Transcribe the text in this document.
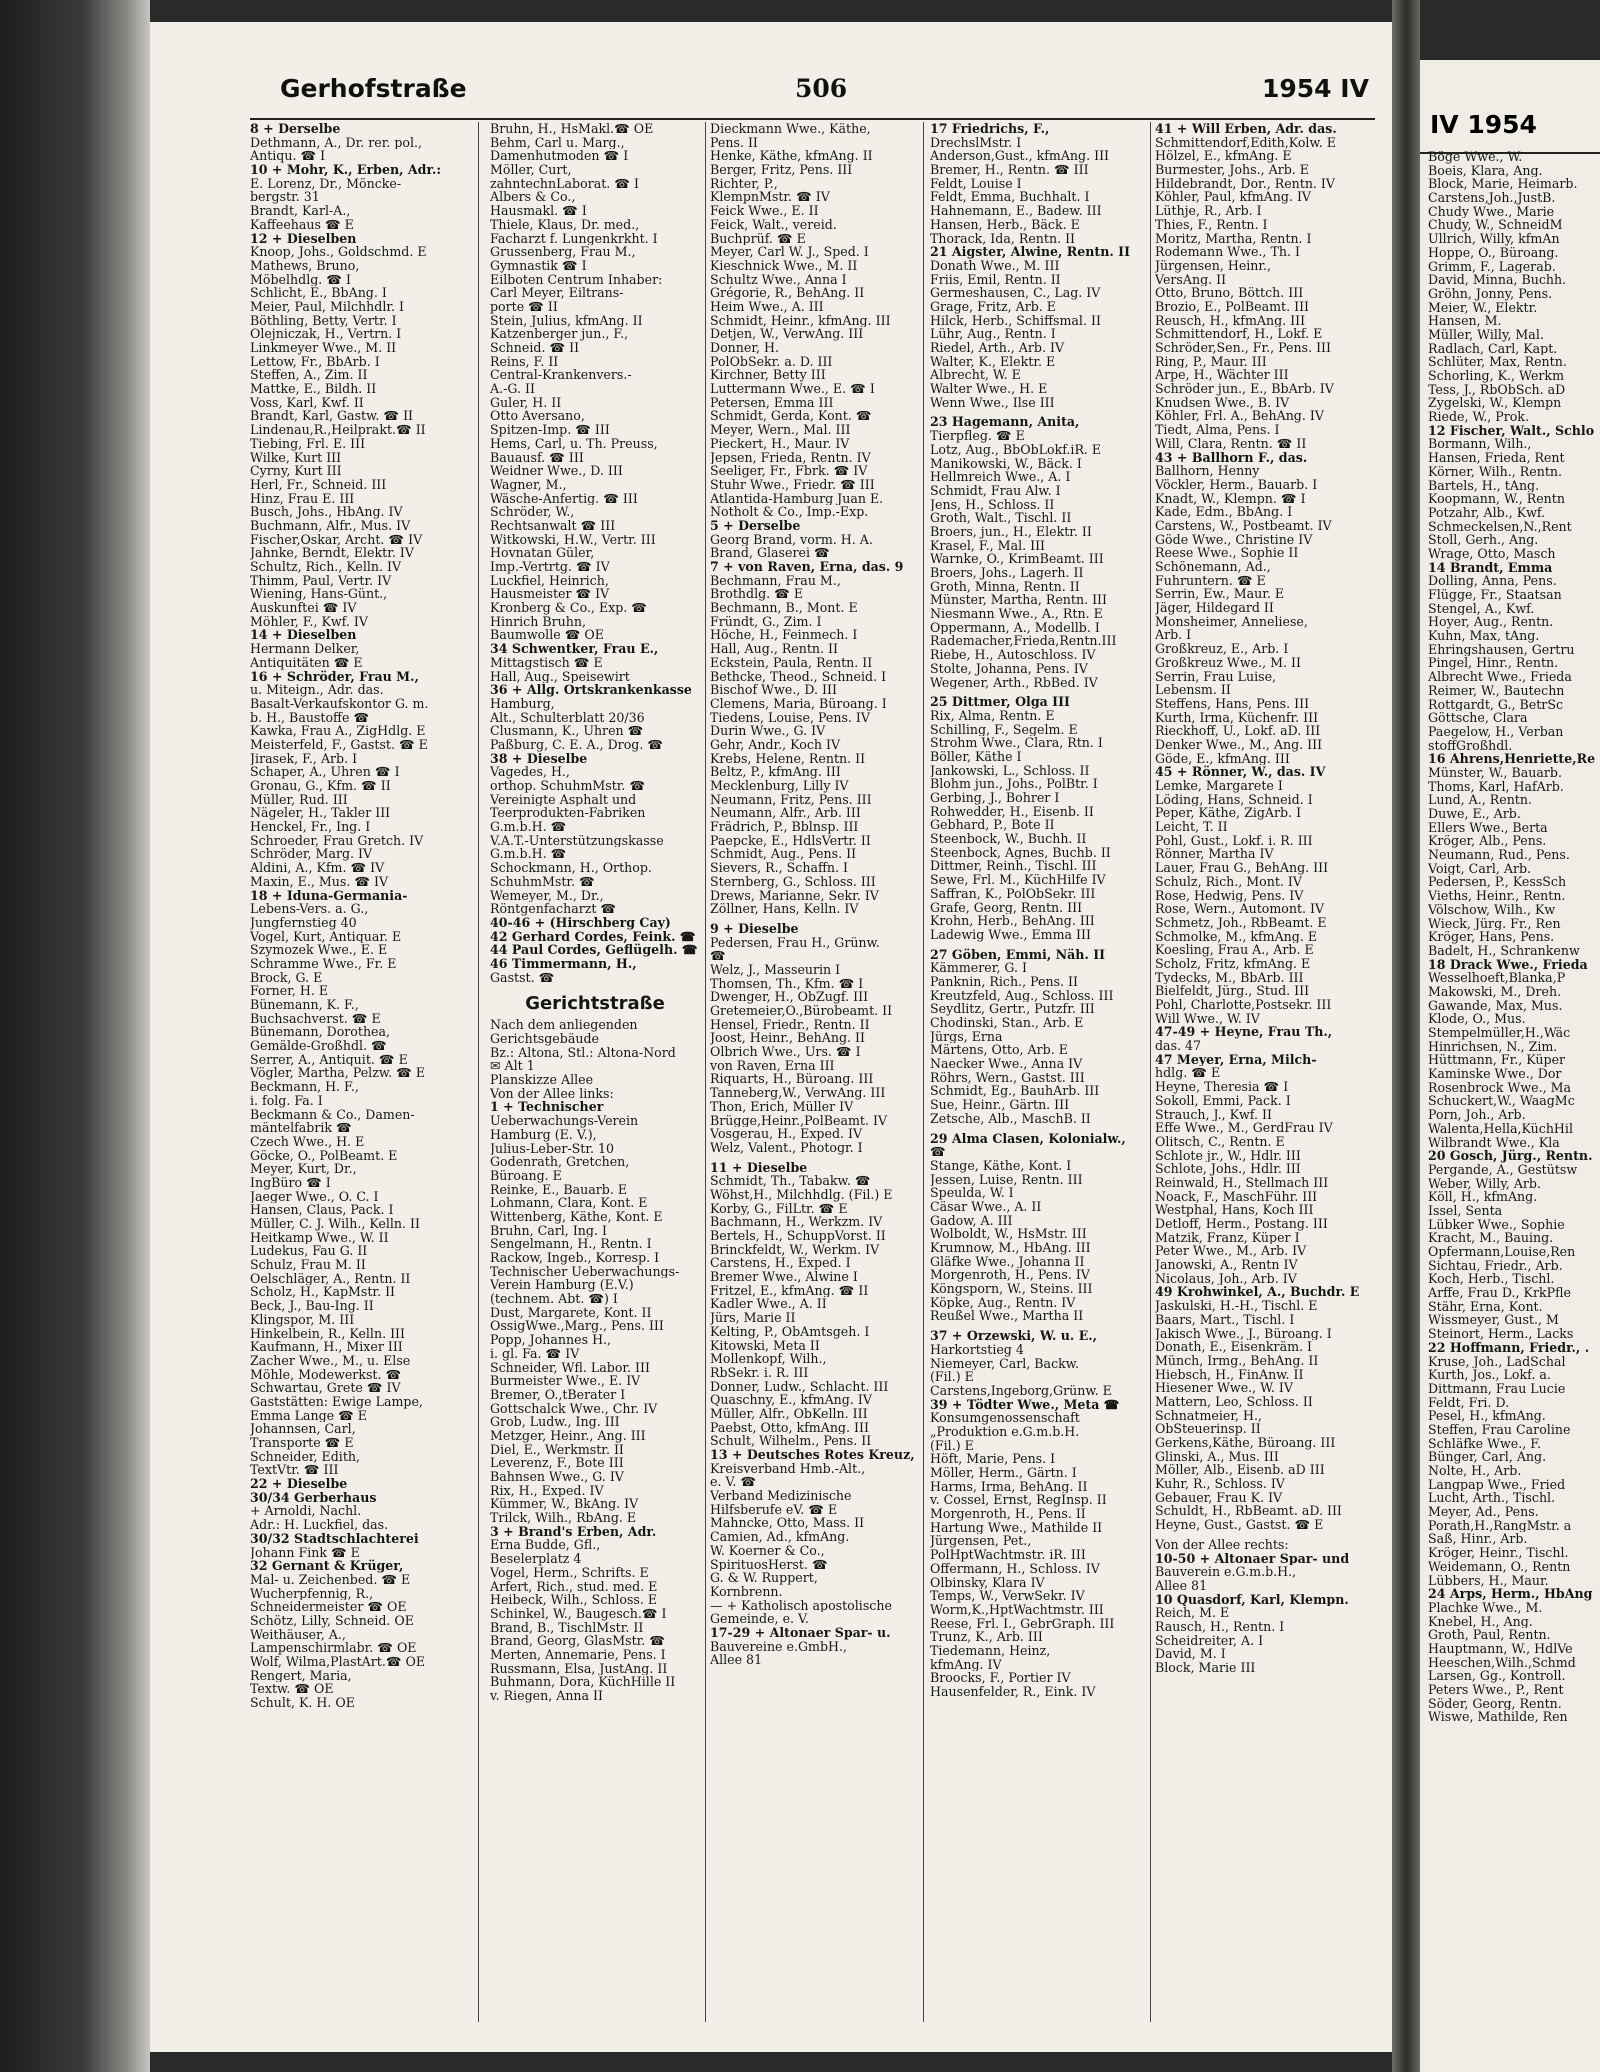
IV 1954
Böge Wwe., W.
Boeis, Klara, Ang.
Block, Marie, Heimarb.
Carstens,Joh.,JustB.
Chudy Wwe., Marie
Chudy, W., SchneidM
Ullrich, Willy, kfmAn
Hoppe, O., Büroang.
Grimm, F., Lagerab.
David, Minna, Buchh.
Gröhn, Jonny, Pens.
Meier, W., Elektr.
Hansen, M.
Müller, Willy, Mal.
Radlach, Carl, Kapt.
Schlüter, Max, Rentn.
Schorling, K., Werkm
Tess, J., RbObSch. aD
Zygelski, W., Klempn
Riede, W., Prok.
12 Fischer, Walt., Schlo
Bormann, Wilh.,
Hansen, Frieda, Rent
Körner, Wilh., Rentn.
Bartels, H., tAng.
Koopmann, W., Rentn
Potzahr, Alb., Kwf.
Schmeckelsen,N.,Rent
Stoll, Gerh., Ang.
Wrage, Otto, Masch
14 Brandt, Emma
Dolling, Anna, Pens.
Flügge, Fr., Staatsan
Stengel, A., Kwf.
Hoyer, Aug., Rentn.
Kuhn, Max, tAng.
Ehringshausen, Gertru
Pingel, Hinr., Rentn.
Albrecht Wwe., Frieda
Reimer, W., Bautechn
Rottgardt, G., BetrSc
Göttsche, Clara
Paegelow, H., Verban
stoffGroßhdl.
16 Ahrens,Henriette,Re
Münster, W., Bauarb.
Thoms, Karl, HafArb.
Lund, A., Rentn.
Duwe, E., Arb.
Ellers Wwe., Berta
Kröger, Alb., Pens.
Neumann, Rud., Pens.
Voigt, Carl, Arb.
Pedersen, P., KessSch
Vieths, Heinr., Rentn.
Völschow, Wilh., Kw
Wieck, Jürg. Fr., Ren
Kröger, Hans, Pens.
Badelt, H., Schrankenw
18 Drack Wwe., Frieda
Wesselhoeft,Blanka,P
Makowski, M., Dreh.
Gawande, Max, Mus.
Klode, O., Mus.
Stempelmüller,H.,Wäc
Hinrichsen, N., Zim.
Hüttmann, Fr., Küper
Kaminske Wwe., Dor
Rosenbrock Wwe., Ma
Schuckert,W., WaagMc
Porn, Joh., Arb.
Walenta,Hella,KüchHil
Wilbrandt Wwe., Kla
20 Gosch, Jürg., Rentn.
Pergande, A., Gestütsw
Weber, Willy, Arb.
Köll, H., kfmAng.
Issel, Senta
Lübker Wwe., Sophie
Kracht, M., Bauing.
Opfermann,Louise,Ren
Sichtau, Friedr., Arb.
Koch, Herb., Tischl.
Arffe, Frau D., KrkPfle
Stähr, Erna, Kont.
Wissmeyer, Gust., M
Steinort, Herm., Lacks
22 Hoffmann, Friedr., .
Kruse, Joh., LadSchal
Kurth, Jos., Lokf. a.
Dittmann, Frau Lucie
Feldt, Fri. D.
Pesel, H., kfmAng.
Steffen, Frau Caroline
Schläfke Wwe., F.
Bünger, Carl, Ang.
Nolte, H., Arb.
Langpap Wwe., Fried
Lucht, Arth., Tischl.
Meyer, Ad., Pens.
Porath,H.,RangMstr. a
Saß, Hinr., Arb.
Kröger, Heinr., Tischl.
Weidemann, O., Rentn
Lübbers, H., Maur.
24 Arps, Herm., HbAng
Plachke Wwe., M.
Knebel, H., Ang.
Groth, Paul, Rentn.
Hauptmann, W., HdlVe
Heeschen,Wilh.,Schmd
Larsen, Gg., Kontroll.
Peters Wwe., P., Rent
Söder, Georg, Rentn.
Wiswe, Mathilde, Ren
Gerhofstraße	506	1954 IV
8 + Derselbe
Dethmann, A., Dr. rer. pol.,
Antiqu. ☎ I
10 + Mohr, K., Erben, Adr.:
E. Lorenz, Dr., Möncke-
bergstr. 31
Brandt, Karl-A.,
Kaffeehaus ☎ E
12 + Dieselben
Knoop, Johs., Goldschmd. E
Mathews, Bruno,
Möbelhdlg. ☎ I
Schlicht, E., BbAng. I
Meier, Paul, Milchhdlr. I
Böthling, Betty, Vertr. I
Olejniczak, H., Vertrn. I
Linkmeyer Wwe., M. II
Lettow, Fr., BbArb. I
Steffen, A., Zim. II
Mattke, E., Bildh. II
Voss, Karl, Kwf. II
Brandt, Karl, Gastw. ☎ II
Lindenau,R.,Heilprakt.☎ II
Tiebing, Frl. E. III
Wilke, Kurt III
Cyrny, Kurt III
Herl, Fr., Schneid. III
Hinz, Frau E. III
Busch, Johs., HbAng. IV
Buchmann, Alfr., Mus. IV
Fischer,Oskar, Archt. ☎ IV
Jahnke, Berndt, Elektr. IV
Schultz, Rich., Kelln. IV
Thimm, Paul, Vertr. IV
Wiening, Hans-Günt.,
Auskunftei ☎ IV
Möhler, F., Kwf. IV
14 + Dieselben
Hermann Delker,
Antiquitäten ☎ E
16 + Schröder, Frau M.,
u. Miteign., Adr. das.
Basalt-Verkaufskontor G. m.
b. H., Baustoffe ☎
Kawka, Frau A., ZigHdlg. E
Meisterfeld, F., Gastst. ☎ E
Jirasek, F., Arb. I
Schaper, A., Uhren ☎ I
Gronau, G., Kfm. ☎ II
Müller, Rud. III
Nägeler, H., Takler III
Henckel, Fr., Ing. I
Schroeder, Frau Gretch. IV
Schröder, Marg. IV
Aldini, A., Kfm. ☎ IV
Maxin, E., Mus. ☎ IV
18 + Iduna-Germania-
Lebens-Vers. a. G.,
Jungfernstieg 40
Vogel, Kurt, Antiquar. E
Szymozek Wwe., E. E
Schramme Wwe., Fr. E
Brock, G. E
Forner, H. E
Bünemann, K. F.,
Buchsachverst. ☎ E
Bünemann, Dorothea,
Gemälde-Großhdl. ☎
Serrer, A., Antiquit. ☎ E
Vögler, Martha, Pelzw. ☎ E
Beckmann, H. F.,
i. folg. Fa. I
Beckmann & Co., Damen-
mäntelfabrik ☎
Czech Wwe., H. E
Göcke, O., PolBeamt. E
Meyer, Kurt, Dr.,
IngBüro ☎ I
Jaeger Wwe., O. C. I
Hansen, Claus, Pack. I
Müller, C. J. Wilh., Kelln. II
Heitkamp Wwe., W. II
Ludekus, Fau G. II
Schulz, Frau M. II
Oelschläger, A., Rentn. II
Scholz, H., KapMstr. II
Beck, J., Bau-Ing. II
Klingspor, M. III
Hinkelbein, R., Kelln. III
Kaufmann, H., Mixer III
Zacher Wwe., M., u. Else
Möhle, Modewerkst. ☎
Schwartau, Grete ☎ IV
Gaststätten: Ewige Lampe,
Emma Lange ☎ E
Johannsen, Carl,
Transporte ☎ E
Schneider, Edith,
TextVtr. ☎ III
22 + Dieselbe
30/34 Gerberhaus
+ Arnoldi, Nachl.
Adr.: H. Luckfiel, das.
30/32 Stadtschlachterei
Johann Fink ☎ E
32 Gernant & Krüger,
Mal- u. Zeichenbed. ☎ E
Wucherpfennig, R.,
Schneidermeister ☎ OE
Schötz, Lilly, Schneid. OE
Weithäuser, A.,
Lampenschirmlabr. ☎ OE
Wolf, Wilma,PlastArt.☎ OE
Rengert, Maria,
Textw. ☎ OE
Schult, K. H. OE
Bruhn, H., HsMakl.☎ OE
Behm, Carl u. Marg.,
Damenhutmoden ☎ I
Möller, Curt,
zahntechnLaborat. ☎ I
Albers & Co.,
Hausmakl. ☎ I
Thiele, Klaus, Dr. med.,
Facharzt f. Lungenkrkht. I
Grussenberg, Frau M.,
Gymnastik ☎ I
Eilboten Centrum Inhaber:
Carl Meyer, Eiltrans-
porte ☎ II
Stein, Julius, kfmAng. II
Katzenberger jun., F.,
Schneid. ☎ II
Reins, F. II
Central-Krankenvers.-
A.-G. II
Guler, H. II
Otto Aversano,
Spitzen-Imp. ☎ III
Hems, Carl, u. Th. Preuss,
Bauausf. ☎ III
Weidner Wwe., D. III
Wagner, M.,
Wäsche-Anfertig. ☎ III
Schröder, W.,
Rechtsanwalt ☎ III
Witkowski, H.W., Vertr. III
Hovnatan Güler,
Imp.-Vertrtg. ☎ IV
Luckfiel, Heinrich,
Hausmeister ☎ IV
Kronberg & Co., Exp. ☎
Hinrich Bruhn,
Baumwolle ☎ OE
34 Schwentker, Frau E.,
Mittagstisch ☎ E
Hall, Aug., Speisewirt
36 + Allg. Ortskrankenkasse
Hamburg,
Alt., Schulterblatt 20/36
Clusmann, K., Uhren ☎
Paßburg, C. E. A., Drog. ☎
38 + Dieselbe
Vagedes, H.,
orthop. SchuhmMstr. ☎
Vereinigte Asphalt und
Teerprodukten-Fabriken
G.m.b.H. ☎
V.A.T.-Unterstützungskasse
G.m.b.H. ☎
Schockmann, H., Orthop.
SchuhmMstr. ☎
Wemeyer, M., Dr.,
Röntgenfacharzt ☎
40-46 + (Hirschberg Cay)
42 Gerhard Cordes, Feink. ☎
44 Paul Cordes, Geflügelh. ☎
46 Timmermann, H.,
Gastst. ☎
Gerichtstraße
Nach dem anliegenden
Gerichtsgebäude
Bz.: Altona, Stl.: Altona-Nord
✉ Alt 1
Planskizze Allee
Von der Allee links:
1 + Technischer
Ueberwachungs-Verein
Hamburg (E. V.),
Julius-Leber-Str. 10
Godenrath, Gretchen,
Büroang. E
Reinke, E., Bauarb. E
Lohmann, Clara, Kont. E
Wittenberg, Käthe, Kont. E
Bruhn, Carl, Ing. I
Sengelmann, H., Rentn. I
Rackow, Ingeb., Korresp. I
Technischer Ueberwachungs-
Verein Hamburg (E.V.)
(technem. Abt. ☎) I
Dust, Margarete, Kont. II
OssigWwe.,Marg., Pens. III
Popp, Johannes H.,
i. gl. Fa. ☎ IV
Schneider, Wfl. Labor. III
Burmeister Wwe., E. IV
Bremer, O.,tBerater I
Gottschalck Wwe., Chr. IV
Grob, Ludw., Ing. III
Metzger, Heinr., Ang. III
Diel, E., Werkmstr. II
Leverenz, F., Bote III
Bahnsen Wwe., G. IV
Rix, H., Exped. IV
Kümmer, W., BkAng. IV
Trilck, Wilh., RbAng. E
3 + Brand's Erben, Adr.
Erna Budde, Gfl.,
Beselerplatz 4
Vogel, Herm., Schrifts. E
Arfert, Rich., stud. med. E
Heibeck, Wilh., Schloss. E
Schinkel, W., Baugesch.☎ I
Brand, B., TischlMstr. II
Brand, Georg, GlasMstr. ☎
Merten, Annemarie, Pens. I
Russmann, Elsa, JustAng. II
Buhmann, Dora, KüchHille II
v. Riegen, Anna II
Dieckmann Wwe., Käthe,
Pens. II
Henke, Käthe, kfmAng. II
Berger, Fritz, Pens. III
Richter, P.,
KlempnMstr. ☎ IV
Feick Wwe., E. II
Feick, Walt., vereid.
Buchprüf. ☎ E
Meyer, Carl W. J., Sped. I
Kieschnick Wwe., M. II
Schultz Wwe., Anna I
Grégorie, R., BehAng. II
Heim Wwe., A. III
Schmidt, Heinr., kfmAng. III
Detjen, W., VerwAng. III
Donner, H.
PolObSekr. a. D. III
Kirchner, Betty III
Luttermann Wwe., E. ☎ I
Petersen, Emma III
Schmidt, Gerda, Kont. ☎
Meyer, Wern., Mal. III
Pieckert, H., Maur. IV
Jepsen, Frieda, Rentn. IV
Seeliger, Fr., Fbrk. ☎ IV
Stuhr Wwe., Friedr. ☎ III
Atlantida-Hamburg Juan E.
Notholt & Co., Imp.-Exp.
5 + Derselbe
Georg Brand, vorm. H. A.
Brand, Glaserei ☎
7 + von Raven, Erna, das. 9
Bechmann, Frau M.,
Brothdlg. ☎ E
Bechmann, B., Mont. E
Fründt, G., Zim. I
Höche, H., Feinmech. I
Hall, Aug., Rentn. II
Eckstein, Paula, Rentn. II
Bethcke, Theod., Schneid. I
Bischof Wwe., D. III
Clemens, Maria, Büroang. I
Tiedens, Louise, Pens. IV
Durin Wwe., G. IV
Gehr, Andr., Koch IV
Krebs, Helene, Rentn. II
Beltz, P., kfmAng. III
Mecklenburg, Lilly IV
Neumann, Fritz, Pens. III
Neumann, Alfr., Arb. III
Frädrich, P., Bblnsp. III
Paepcke, E., HdlsVertr. II
Schmidt, Aug., Pens. II
Sievers, R., Schaffn. I
Sternberg, G., Schloss. III
Drews, Marianne, Sekr. IV
Zöllner, Hans, Kelln. IV
9 + Dieselbe
Pedersen, Frau H., Grünw.
☎
Welz, J., Masseurin I
Thomsen, Th., Kfm. ☎ I
Dwenger, H., ObZugf. III
Gretemeier,O.,Bürobeamt. II
Hensel, Friedr., Rentn. II
Joost, Heinr., BehAng. II
Olbrich Wwe., Urs. ☎ I
von Raven, Erna III
Riquarts, H., Büroang. III
Tanneberg,W., VerwAng. III
Thon, Erich, Müller IV
Brügge,Heinr.,PolBeamt. IV
Vosgerau, H., Exped. IV
Welz, Valent., Photogr. I
11 + Dieselbe
Schmidt, Th., Tabakw. ☎
Wöhst,H., Milchhdlg. (Fil.) E
Korby, G., FilLtr. ☎ E
Bachmann, H., Werkzm. IV
Bertels, H., SchuppVorst. II
Brinckfeldt, W., Werkm. IV
Carstens, H., Exped. I
Bremer Wwe., Alwine I
Fritzel, E., kfmAng. ☎ II
Kadler Wwe., A. II
Jürs, Marie II
Kelting, P., ObAmtsgeh. I
Kitowski, Meta II
Mollenkopf, Wilh.,
RbSekr. i. R. III
Donner, Ludw., Schlacht. III
Quaschny, E., kfmAng. IV
Müller, Alfr., ObKelln. III
Paebst, Otto, kfmAng. III
Schult, Wilhelm., Pens. II
13 + Deutsches Rotes Kreuz,
Kreisverband Hmb.-Alt.,
e. V. ☎
Verband Medizinische
Hilfsberufe eV. ☎ E
Mahncke, Otto, Mass. II
Camien, Ad., kfmAng.
W. Koerner & Co.,
SpirituosHerst. ☎
G. & W. Ruppert,
Kornbrenn.
— + Katholisch apostolische
Gemeinde, e. V.
17-29 + Altonaer Spar- u.
Bauvereine e.GmbH.,
Allee 81
17 Friedrichs, F.,
DrechslMstr. I
Anderson,Gust., kfmAng. III
Bremer, H., Rentn. ☎ III
Feldt, Louise I
Feldt, Emma, Buchhalt. I
Hahnemann, E., Badew. III
Hansen, Herb., Bäck. E
Thorack, Ida, Rentn. II
21 Aigster, Alwine, Rentn. II
Donath Wwe., M. III
Friis, Emil, Rentn. II
Germeshausen, C., Lag. IV
Grage, Fritz, Arb. E
Hilck, Herb., Schiffsmal. II
Lühr, Aug., Rentn. I
Riedel, Arth., Arb. IV
Walter, K., Elektr. E
Albrecht, W. E
Walter Wwe., H. E
Wenn Wwe., Ilse III
23 Hagemann, Anita,
Tierpfleg. ☎ E
Lotz, Aug., BbObLokf.iR. E
Manikowski, W., Bäck. I
Hellmreich Wwe., A. I
Schmidt, Frau Alw. I
Jens, H., Schloss. II
Groth, Walt., Tischl. II
Broers, jun., H., Elektr. II
Krasel, F., Mal. III
Warnke, O., KrimBeamt. III
Broers, Johs., Lagerh. II
Groth, Minna, Rentn. II
Münster, Martha, Rentn. III
Niesmann Wwe., A., Rtn. E
Oppermann, A., Modellb. I
Rademacher,Frieda,Rentn.III
Riebe, H., Autoschloss. IV
Stolte, Johanna, Pens. IV
Wegener, Arth., RbBed. IV
25 Dittmer, Olga III
Rix, Alma, Rentn. E
Schilling, F., Segelm. E
Strohm Wwe., Clara, Rtn. I
Böller, Käthe I
Jankowski, L., Schloss. II
Blohm jun., Johs., PolBtr. I
Gerbing, J., Bohrer I
Rohwedder, H., Eisenb. II
Gebhard, P., Bote II
Steenbock, W., Buchh. II
Steenbock, Agnes, Buchb. II
Dittmer, Reinh., Tischl. III
Sewe, Frl. M., KüchHilfe IV
Saffran, K., PolObSekr. III
Grafe, Georg, Rentn. III
Krohn, Herb., BehAng. III
Ladewig Wwe., Emma III
27 Göben, Emmi, Näh. II
Kämmerer, G. I
Panknin, Rich., Pens. II
Kreutzfeld, Aug., Schloss. III
Seydlitz, Gertr., Putzfr. III
Chodinski, Stan., Arb. E
Jürgs, Erna
Märtens, Otto, Arb. E
Naecker Wwe., Anna IV
Röhrs, Wern., Gastst. III
Schmidt, Eg., BauhArb. III
Sue, Heinr., Gärtn. III
Zetsche, Alb., MaschB. II
29 Alma Clasen, Kolonialw.,
☎
Stange, Käthe, Kont. I
Jessen, Luise, Rentn. III
Speulda, W. I
Cäsar Wwe., A. II
Gadow, A. III
Wolboldt, W., HsMstr. III
Krumnow, M., HbAng. III
Gläfke Wwe., Johanna II
Morgenroth, H., Pens. IV
Köngsporn, W., Steins. III
Köpke, Aug., Rentn. IV
Reußel Wwe., Martha II
37 + Orzewski, W. u. E.,
Harkortstieg 4
Niemeyer, Carl, Backw.
(Fil.) E
Carstens,Ingeborg,Grünw. E
39 + Tödter Wwe., Meta ☎
Konsumgenossenschaft
„Produktion e.G.m.b.H.
(Fil.) E
Höft, Marie, Pens. I
Möller, Herm., Gärtn. I
Harms, Irma, BehAng. II
v. Cossel, Ernst, RegInsp. II
Morgenroth, H., Pens. II
Hartung Wwe., Mathilde II
Jürgensen, Pet.,
PolHptWachtmstr. iR. III
Offermann, H., Schloss. IV
Olbinsky, Klara IV
Temps, W., VerwSekr. IV
Worm,K.,HptWachtmstr. III
Reese, Frl. I., GebrGraph. III
Trunz, K., Arb. III
Tiedemann, Heinz,
kfmAng. IV
Broocks, F., Portier IV
Hausenfelder, R., Eink. IV
41 + Will Erben, Adr. das.
Schmittendorf,Edith,Kolw. E
Hölzel, E., kfmAng. E
Burmester, Johs., Arb. E
Hildebrandt, Dor., Rentn. IV
Köhler, Paul, kfmAng. IV
Lüthje, R., Arb. I
Thies, F., Rentn. I
Moritz, Martha, Rentn. I
Rodemann Wwe., Th. I
Jürgensen, Heinr.,
VersAng. II
Otto, Bruno, Böttch. III
Brozio, E., PolBeamt. III
Reusch, H., kfmAng. III
Schmittendorf, H., Lokf. E
Schröder,Sen., Fr., Pens. III
Ring, P., Maur. III
Arpe, H., Wächter III
Schröder jun., E., BbArb. IV
Knudsen Wwe., B. IV
Köhler, Frl. A., BehAng. IV
Tiedt, Alma, Pens. I
Will, Clara, Rentn. ☎ II
43 + Ballhorn F., das.
Ballhorn, Henny
Vöckler, Herm., Bauarb. I
Knadt, W., Klempn. ☎ I
Kade, Edm., BbAng. I
Carstens, W., Postbeamt. IV
Göde Wwe., Christine IV
Reese Wwe., Sophie II
Schönemann, Ad.,
Fuhruntern. ☎ E
Serrin, Ew., Maur. E
Jäger, Hildegard II
Monsheimer, Anneliese,
Arb. I
Großkreuz, E., Arb. I
Großkreuz Wwe., M. II
Serrin, Frau Luise,
Lebensm. II
Steffens, Hans, Pens. III
Kurth, Irma, Küchenfr. III
Rieckhoff, U., Lokf. aD. III
Denker Wwe., M., Ang. III
Göde, E., kfmAng. III
45 + Rönner, W., das. IV
Lemke, Margarete I
Löding, Hans, Schneid. I
Peper, Käthe, ZigArb. I
Leicht, T. II
Pohl, Gust., Lokf. i. R. III
Rönner, Martha IV
Lauer, Frau G., BehAng. III
Schulz, Rich., Mont. IV
Rose, Hedwig, Pens. IV
Rose, Wern., Automont. IV
Schmetz, Joh., RbBeamt. E
Schmolke, M., kfmAng. E
Koesling, Frau A., Arb. E
Scholz, Fritz, kfmAng. E
Tydecks, M., BbArb. III
Bielfeldt, Jürg., Stud. III
Pohl, Charlotte,Postsekr. III
Will Wwe., W. IV
47-49 + Heyne, Frau Th.,
das. 47
47 Meyer, Erna, Milch-
hdlg. ☎ E
Heyne, Theresia ☎ I
Sokoll, Emmi, Pack. I
Strauch, J., Kwf. II
Effe Wwe., M., GerdFrau IV
Olitsch, C., Rentn. E
Schlote jr., W., Hdlr. III
Schlote, Johs., Hdlr. III
Reinwald, H., Stellmach III
Noack, F., MaschFühr. III
Westphal, Hans, Koch III
Detloff, Herm., Postang. III
Matzik, Franz, Küper I
Peter Wwe., M., Arb. IV
Janowski, A., Rentn IV
Nicolaus, Joh., Arb. IV
49 Krohwinkel, A., Buchdr. E
Jaskulski, H.-H., Tischl. E
Baars, Mart., Tischl. I
Jakisch Wwe., J., Büroang. I
Donath, E., Eisenkräm. I
Münch, Irmg., BehAng. II
Hiebsch, H., FinAnw. II
Hiesener Wwe., W. IV
Mattern, Leo, Schloss. II
Schnatmeier, H.,
ObSteuerinsp. II
Gerkens,Käthe, Büroang. III
Glinski, A., Mus. III
Möller, Alb., Eisenb. aD III
Kuhr, R., Schloss. IV
Gebauer, Frau K. IV
Schuldt, H., RbBeamt. aD. III
Heyne, Gust., Gastst. ☎ E
Von der Allee rechts:
10-50 + Altonaer Spar- und
Bauverein e.G.m.b.H.,
Allee 81
10 Quasdorf, Karl, Klempn.
Reich, M. E
Rausch, H., Rentn. I
Scheidreiter, A. I
David, M. I
Block, Marie III
